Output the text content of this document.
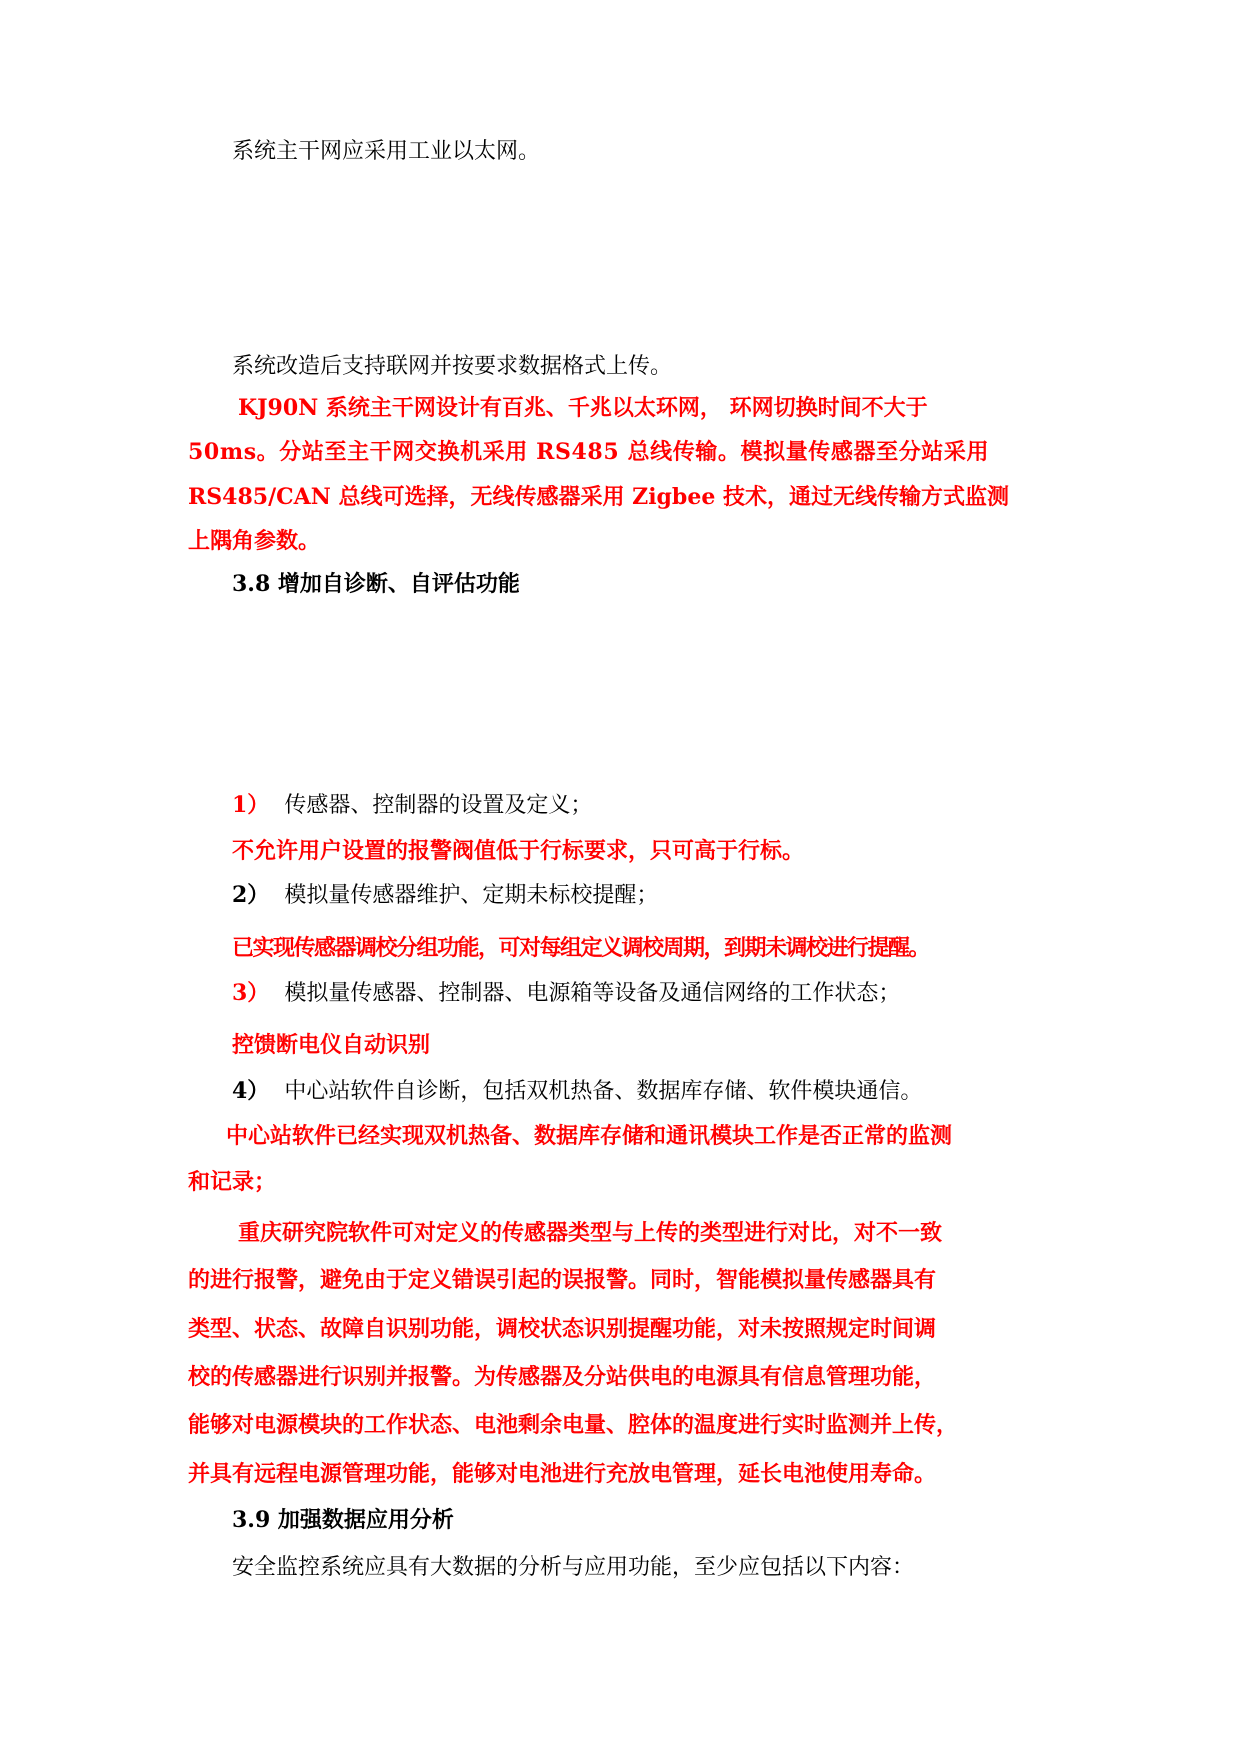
系统主干网应采用工业以太网。
系统改造后支持联网并按要求数据格式上传。
KJ90N 系统主干网设计有百兆、千兆以太环网， 环网切换时间不大于
50ms。分站至主干网交换机采用 RS485 总线传输。模拟量传感器至分站采用
RS485/CAN 总线可选择，无线传感器采用 Zigbee 技术，通过无线传输方式监测
上隅角参数。
3.8 增加自诊断、自评估功能
1） 传感器、控制器的设置及定义；
不允许用户设置的报警阀值低于行标要求，只可高于行标。
2） 模拟量传感器维护、定期未标校提醒；
已实现传感器调校分组功能，可对每组定义调校周期，到期未调校进行提醒。
3） 模拟量传感器、控制器、电源箱等设备及通信网络的工作状态；
控馈断电仪自动识别
4） 中心站软件自诊断，包括双机热备、数据库存储、软件模块通信。
中心站软件已经实现双机热备、数据库存储和通讯模块工作是否正常的监测
和记录；
重庆研究院软件可对定义的传感器类型与上传的类型进行对比，对不一致
的进行报警，避免由于定义错误引起的误报警。同时，智能模拟量传感器具有
类型、状态、故障自识别功能，调校状态识别提醒功能，对未按照规定时间调
校的传感器进行识别并报警。为传感器及分站供电的电源具有信息管理功能，
能够对电源模块的工作状态、电池剩余电量、腔体的温度进行实时监测并上传，
并具有远程电源管理功能，能够对电池进行充放电管理，延长电池使用寿命。
3.9 加强数据应用分析
安全监控系统应具有大数据的分析与应用功能，至少应包括以下内容：
